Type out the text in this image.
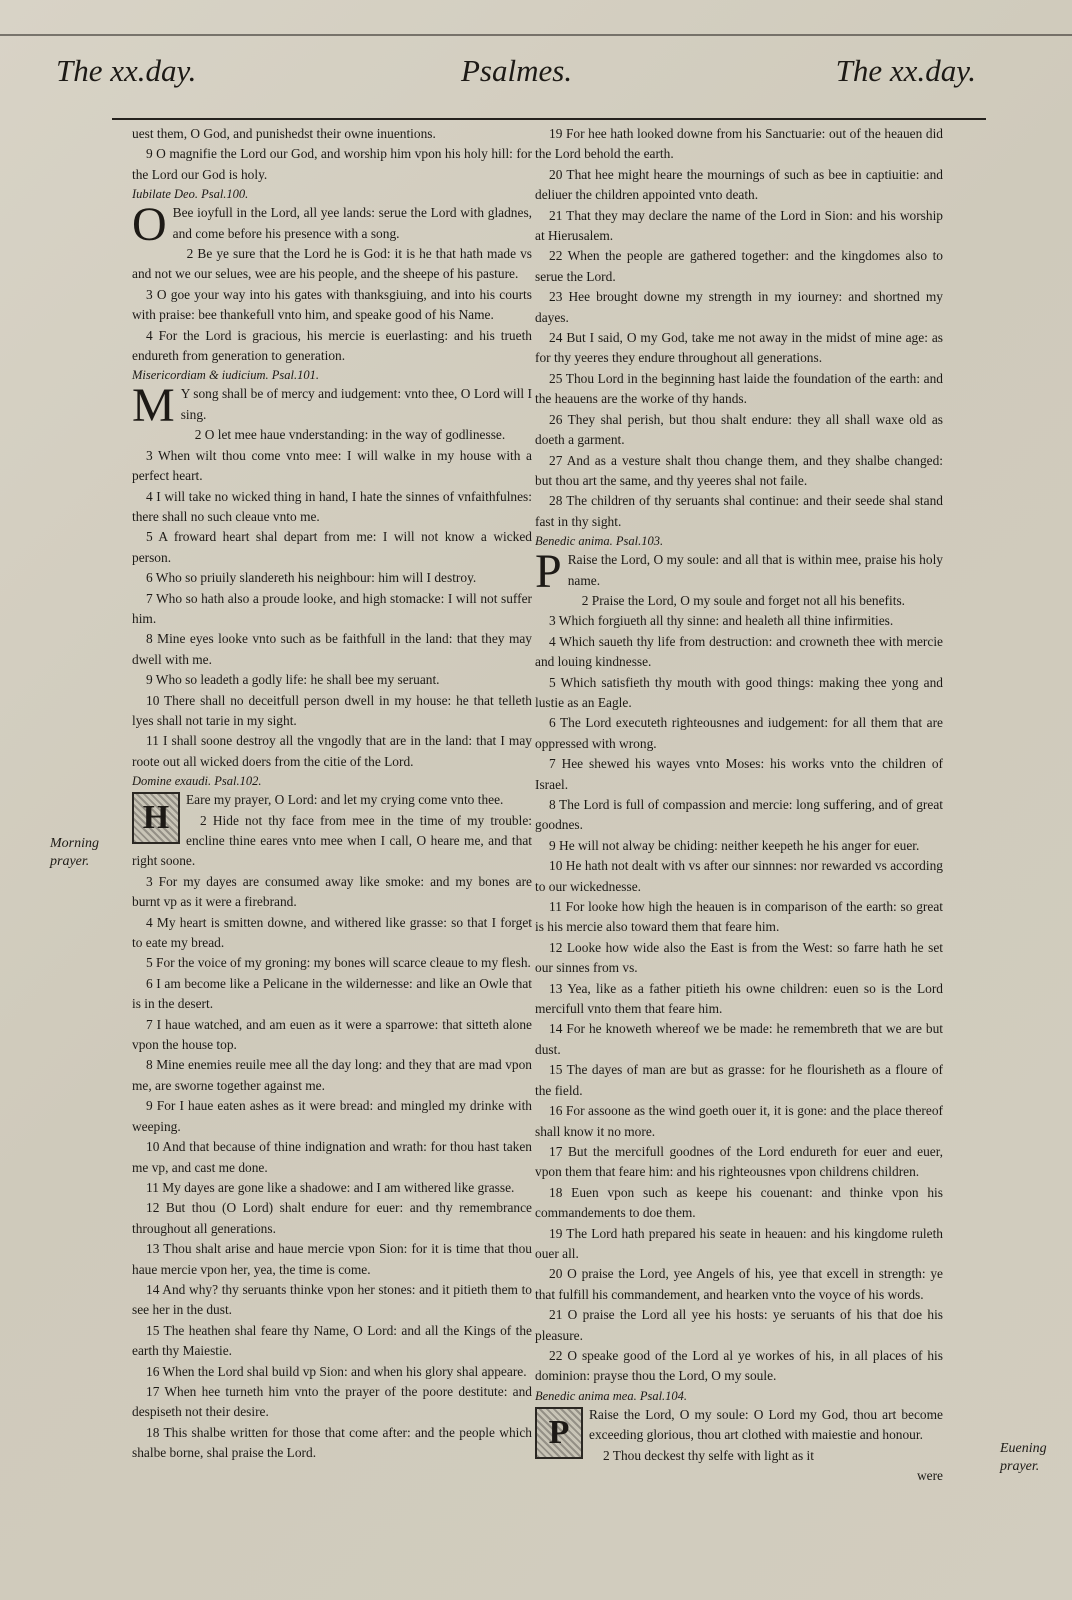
The xx.day.	Psalmes.	The xx.day.
Morning prayer.
Euening prayer.

uest them, O God, and punishedst their owne inuentions.

9 O magnifie the Lord our God, and worship him vpon his holy hill: for the Lord our God is holy.

Iubilate Deo. Psal.100.

O Bee ioyfull in the Lord, all yee lands: serue the Lord with gladnes, and come before his presence with a song.

2 Be ye sure that the Lord he is God: it is he that hath made vs and not we our selues, wee are his people, and the sheepe of his pasture.

3 O goe your way into his gates with thanksgiuing, and into his courts with praise: bee thankefull vnto him, and speake good of his Name.

4 For the Lord is gracious, his mercie is euerlasting: and his trueth endureth from generation to generation.

Misericordiam & iudicium. Psal.101.

M Y song shall be of mercy and iudgement: vnto thee, O Lord will I sing.

2 O let mee haue vnderstanding: in the way of godlinesse.

3 When wilt thou come vnto mee: I will walke in my house with a perfect heart.

4 I will take no wicked thing in hand, I hate the sinnes of vnfaithfulnes: there shall no such cleaue vnto me.

5 A froward heart shal depart from me: I will not know a wicked person.

6 Who so priuily slandereth his neighbour: him will I destroy.

7 Who so hath also a proude looke, and high stomacke: I will not suffer him.

8 Mine eyes looke vnto such as be faithfull in the land: that they may dwell with me.

9 Who so leadeth a godly life: he shall bee my seruant.

10 There shall no deceitfull person dwell in my house: he that telleth lyes shall not tarie in my sight.

11 I shall soone destroy all the vngodly that are in the land: that I may roote out all wicked doers from the citie of the Lord.

Domine exaudi. Psal.102.

H	Eare my prayer, O Lord: and let my crying come vnto thee.

2 Hide not thy face from mee in the time of my trouble: encline thine eares vnto mee when I call, O heare me, and that right soone.

3 For my dayes are consumed away like smoke: and my bones are burnt vp as it were a firebrand.

4 My heart is smitten downe, and withered like grasse: so that I forget to eate my bread.

5 For the voice of my groning: my bones will scarce cleaue to my flesh.

6 I am become like a Pelicane in the wildernesse: and like an Owle that is in the desert.

7 I haue watched, and am euen as it were a sparrowe: that sitteth alone vpon the house top.

8 Mine enemies reuile mee all the day long: and they that are mad vpon me, are sworne together against me.

9 For I haue eaten ashes as it were bread: and mingled my drinke with weeping.

10 And that because of thine indignation and wrath: for thou hast taken me vp, and cast me done.

11 My dayes are gone like a shadowe: and I am withered like grasse.

12 But thou (O Lord) shalt endure for euer: and thy remembrance throughout all generations.

13 Thou shalt arise and haue mercie vpon Sion: for it is time that thou haue mercie vpon her, yea, the time is come.

14 And why? thy seruants thinke vpon her stones: and it pitieth them to see her in the dust.

15 The heathen shal feare thy Name, O Lord: and all the Kings of the earth thy Maiestie.

16 When the Lord shal build vp Sion: and when his glory shal appeare.

17 When hee turneth him vnto the prayer of the poore destitute: and despiseth not their desire.

18 This shalbe written for those that come after: and the people which shalbe borne, shal praise the Lord.

19 For hee hath looked downe from his Sanctuarie: out of the heauen did the Lord behold the earth.

20 That hee might heare the mournings of such as bee in captiuitie: and deliuer the children appointed vnto death.

21 That they may declare the name of the Lord in Sion: and his worship at Hierusalem.

22 When the people are gathered together: and the kingdomes also to serue the Lord.

23 Hee brought downe my strength in my iourney: and shortned my dayes.

24 But I said, O my God, take me not away in the midst of mine age: as for thy yeeres they endure throughout all generations.

25 Thou Lord in the beginning hast laide the foundation of the earth: and the heauens are the worke of thy hands.

26 They shal perish, but thou shalt endure: they all shall waxe old as doeth a garment.

27 And as a vesture shalt thou change them, and they shalbe changed: but thou art the same, and thy yeeres shal not faile.

28 The children of thy seruants shal continue: and their seede shal stand fast in thy sight.

Benedic anima. Psal.103.

P Raise the Lord, O my soule: and all that is within mee, praise his holy name.

2 Praise the Lord, O my soule and forget not all his benefits.

3 Which forgiueth all thy sinne: and healeth all thine infirmities.

4 Which saueth thy life from destruction: and crowneth thee with mercie and louing kindnesse.

5 Which satisfieth thy mouth with good things: making thee yong and lustie as an Eagle.

6 The Lord executeth righteousnes and iudgement: for all them that are oppressed with wrong.

7 Hee shewed his wayes vnto Moses: his works vnto the children of Israel.

8 The Lord is full of compassion and mercie: long suffering, and of great goodnes.

9 He will not alway be chiding: neither keepeth he his anger for euer.

10 He hath not dealt with vs after our sinnnes: nor rewarded vs according to our wickednesse.

11 For looke how high the heauen is in comparison of the earth: so great is his mercie also toward them that feare him.

12 Looke how wide also the East is from the West: so farre hath he set our sinnes from vs.

13 Yea, like as a father pitieth his owne children: euen so is the Lord mercifull vnto them that feare him.

14 For he knoweth whereof we be made: he remembreth that we are but dust.

15 The dayes of man are but as grasse: for he flourisheth as a floure of the field.

16 For assoone as the wind goeth ouer it, it is gone: and the place thereof shall know it no more.

17 But the mercifull goodnes of the Lord endureth for euer and euer, vpon them that feare him: and his righteousnes vpon childrens children.

18 Euen vpon such as keepe his couenant: and thinke vpon his commandements to doe them.

19 The Lord hath prepared his seate in heauen: and his kingdome ruleth ouer all.

20 O praise the Lord, yee Angels of his, yee that excell in strength: ye that fulfill his commandement, and hearken vnto the voyce of his words.

21 O praise the Lord all yee his hosts: ye seruants of his that doe his pleasure.

22 O speake good of the Lord al ye workes of his, in all places of his dominion: prayse thou the Lord, O my soule.

Benedic anima mea. Psal.104.

P	Raise the Lord, O my soule: O Lord my God, thou art become exceeding glorious, thou art clothed with maiestie and honour.

2 Thou deckest thy selfe with light as it

were
